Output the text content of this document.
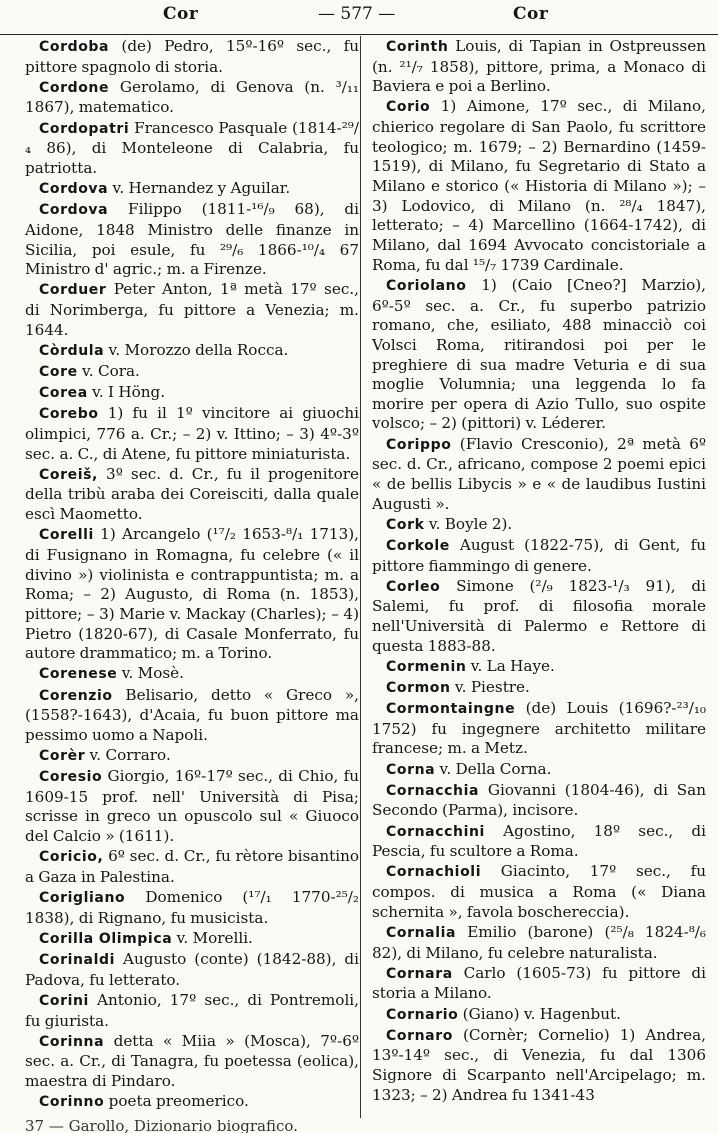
Cor	— 577 —	Cor

Cordoba (de) Pedro, 15º-16º sec., fu pittore spagnolo di storia.

Cordone Gerolamo, di Genova (n. ³/₁₁ 1867), matematico.

Cordopatri Francesco Pasquale (1814-²⁹/₄ 86), di Monteleone di Calabria, fu patriotta.

Cordova v. Hernandez y Aguilar.

Cordova Filippo (1811-¹⁶/₉ 68), di Aidone, 1848 Ministro delle finanze in Sicilia, poi esule, fu ²⁹/₆ 1866-¹⁰/₄ 67 Ministro d' agric.; m. a Firenze.

Corduer Peter Anton, 1ª metà 17º sec., di Norimberga, fu pittore a Venezia; m. 1644.

Còrdula v. Morozzo della Rocca.

Core v. Cora.

Corea v. I Höng.

Corebo 1) fu il 1º vincitore ai giuochi olimpici, 776 a. Cr.; – 2) v. Ittino; – 3) 4º-3º sec. a. C., di Atene, fu pittore miniaturista.

Coreiš, 3º sec. d. Cr., fu il progenitore della tribù araba dei Coreisciti, dalla quale escì Maometto.

Corelli 1) Arcangelo (¹⁷/₂ 1653-⁸/₁ 1713), di Fusignano in Romagna, fu celebre (« il divino ») violinista e contrappuntista; m. a Roma; – 2) Augusto, di Roma (n. 1853), pittore; – 3) Marie v. Mackay (Charles); – 4) Pietro (1820-67), di Casale Monferrato, fu autore drammatico; m. a Torino.

Corenese v. Mosè.

Corenzio Belisario, detto « Greco », (1558?-1643), d'Acaia, fu buon pittore ma pessimo uomo a Napoli.

Corèr v. Corraro.

Coresio Giorgio, 16º-17º sec., di Chio, fu 1609-15 prof. nell' Università di Pisa; scrisse in greco un opuscolo sul « Giuoco del Calcio » (1611).

Coricio, 6º sec. d. Cr., fu rètore bisantino a Gaza in Palestina.

Corigliano Domenico (¹⁷/₁ 1770-²⁵/₂ 1838), di Rignano, fu musicista.

Corilla Olimpica v. Morelli.

Corinaldi Augusto (conte) (1842-88), di Padova, fu letterato.

Corini Antonio, 17º sec., di Pontremoli, fu giurista.

Corinna detta « Miia » (Mosca), 7º-6º sec. a. Cr., di Tanagra, fu poetessa (eolica), maestra di Pindaro.

Corinno poeta preomerico.

Corinth Louis, di Tapian in Ostpreussen (n. ²¹/₇ 1858), pittore, prima, a Monaco di Baviera e poi a Berlino.

Corio 1) Aimone, 17º sec., di Milano, chierico regolare di San Paolo, fu scrittore teologico; m. 1679; – 2) Bernardino (1459-1519), di Milano, fu Segretario di Stato a Milano e storico (« Historia di Milano »); – 3) Lodovico, di Milano (n. ²⁸/₄ 1847), letterato; – 4) Marcellino (1664-1742), di Milano, dal 1694 Avvocato concistoriale a Roma, fu dal ¹⁵/₇ 1739 Cardinale.

Coriolano 1) (Caio [Cneo?] Marzio), 6º-5º sec. a. Cr., fu superbo patrizio romano, che, esiliato, 488 minacciò coi Volsci Roma, ritirandosi poi per le preghiere di sua madre Veturia e di sua moglie Volumnia; una leggenda lo fa morire per opera di Azio Tullo, suo ospite volsco; – 2) (pittori) v. Léderer.

Corippo (Flavio Cresconio), 2ª metà 6º sec. d. Cr., africano, compose 2 poemi epici « de bellis Libycis » e « de laudibus Iustini Augusti ».

Cork v. Boyle 2).

Corkole August (1822-75), di Gent, fu pittore fiammingo di genere.

Corleo Simone (²/₉ 1823-¹/₃ 91), di Salemi, fu prof. di filosofia morale nell'Università di Palermo e Rettore di questa 1883-88.

Cormenin v. La Haye.

Cormon v. Piestre.

Cormontaingne (de) Louis (1696?-²³/₁₀ 1752) fu ingegnere architetto militare francese; m. a Metz.

Corna v. Della Corna.

Cornacchia Giovanni (1804-46), di San Secondo (Parma), incisore.

Cornacchini Agostino, 18º sec., di Pescia, fu scultore a Roma.

Cornachioli Giacinto, 17º sec., fu compos. di musica a Roma (« Diana schernita », favola boschereccia).

Cornalia Emilio (barone) (²⁵/₈ 1824-⁸/₆ 82), di Milano, fu celebre naturalista.

Cornara Carlo (1605-73) fu pittore di storia a Milano.

Cornario (Giano) v. Hagenbut.

Cornaro (Cornèr; Cornelio) 1) Andrea, 13º-14º sec., di Venezia, fu dal 1306 Signore di Scarpanto nell'Arcipelago; m. 1323; – 2) Andrea fu 1341-43

37 — Garollo, Dizionario biografico.
